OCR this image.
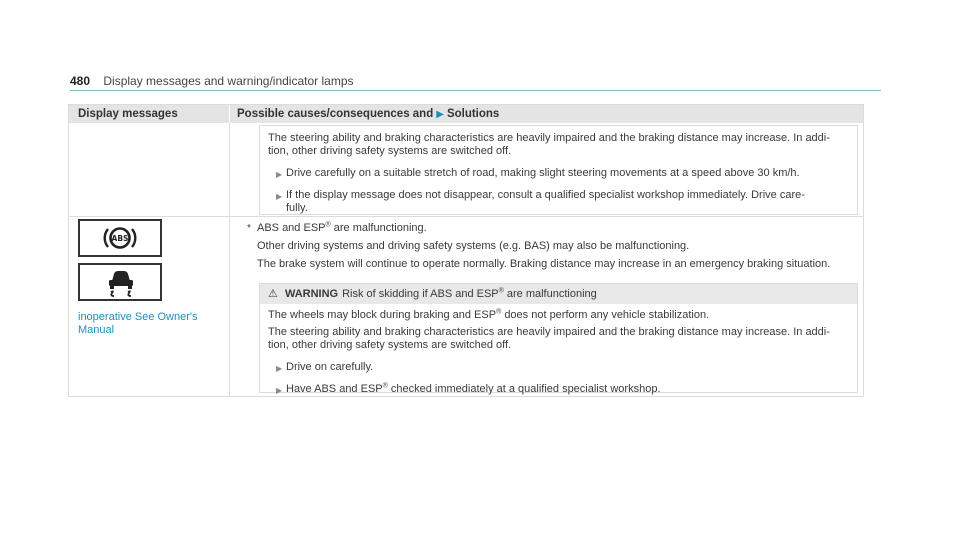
480 Display messages and warning/indicator lamps
Display messages	Possible causes/consequences and ▶ Solutions
The steering ability and braking characteristics are heavily impaired and the braking distance may increase. In addi-
tion, other driving safety systems are switched off.
▶ Drive carefully on a suitable stretch of road, making slight steering movements at a speed above 30 km/h.
▶ If the display message does not disappear, consult a qualified specialist workshop immediately. Drive care-
fully.
ABS
inoperative See Owner's
Manual
* ABS and ESP® are malfunctioning.
Other driving systems and driving safety systems (e.g. BAS) may also be malfunctioning.
The brake system will continue to operate normally. Braking distance may increase in an emergency braking situation.
⚠ WARNING Risk of skidding if ABS and ESP® are malfunctioning
The wheels may block during braking and ESP® does not perform any vehicle stabilization.
The steering ability and braking characteristics are heavily impaired and the braking distance may increase. In addi-
tion, other driving safety systems are switched off.
▶ Drive on carefully.
▶ Have ABS and ESP® checked immediately at a qualified specialist workshop.
